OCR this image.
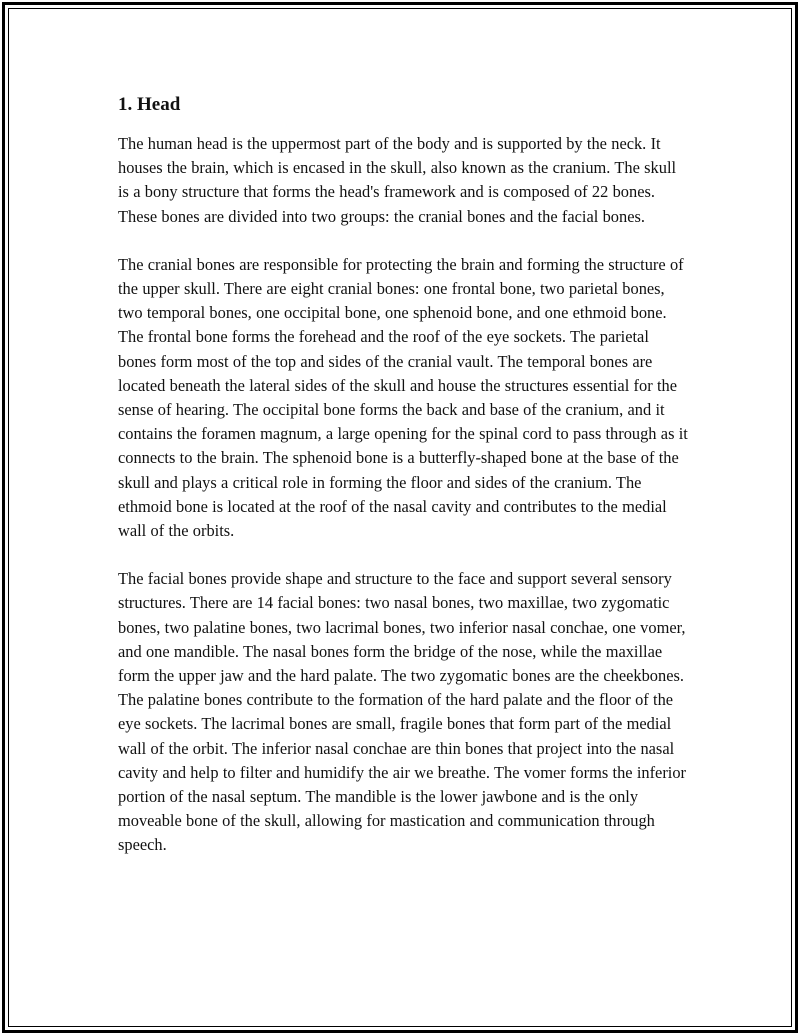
1. Head

The human head is the uppermost part of the body and is supported by the neck. It houses the brain, which is encased in the skull, also known as the cranium. The skull is a bony structure that forms the head's framework and is composed of 22 bones. These bones are divided into two groups: the cranial bones and the facial bones.

The cranial bones are responsible for protecting the brain and forming the structure of the upper skull. There are eight cranial bones: one frontal bone, two parietal bones, two temporal bones, one occipital bone, one sphenoid bone, and one ethmoid bone. The frontal bone forms the forehead and the roof of the eye sockets. The parietal bones form most of the top and sides of the cranial vault. The temporal bones are located beneath the lateral sides of the skull and house the structures essential for the sense of hearing. The occipital bone forms the back and base of the cranium, and it contains the foramen magnum, a large opening for the spinal cord to pass through as it connects to the brain. The sphenoid bone is a butterfly-shaped bone at the base of the skull and plays a critical role in forming the floor and sides of the cranium. The ethmoid bone is located at the roof of the nasal cavity and contributes to the medial wall of the orbits.

The facial bones provide shape and structure to the face and support several sensory structures. There are 14 facial bones: two nasal bones, two maxillae, two zygomatic bones, two palatine bones, two lacrimal bones, two inferior nasal conchae, one vomer, and one mandible. The nasal bones form the bridge of the nose, while the maxillae form the upper jaw and the hard palate. The two zygomatic bones are the cheekbones. The palatine bones contribute to the formation of the hard palate and the floor of the eye sockets. The lacrimal bones are small, fragile bones that form part of the medial wall of the orbit. The inferior nasal conchae are thin bones that project into the nasal cavity and help to filter and humidify the air we breathe. The vomer forms the inferior portion of the nasal septum. The mandible is the lower jawbone and is the only moveable bone of the skull, allowing for mastication and communication through speech.
